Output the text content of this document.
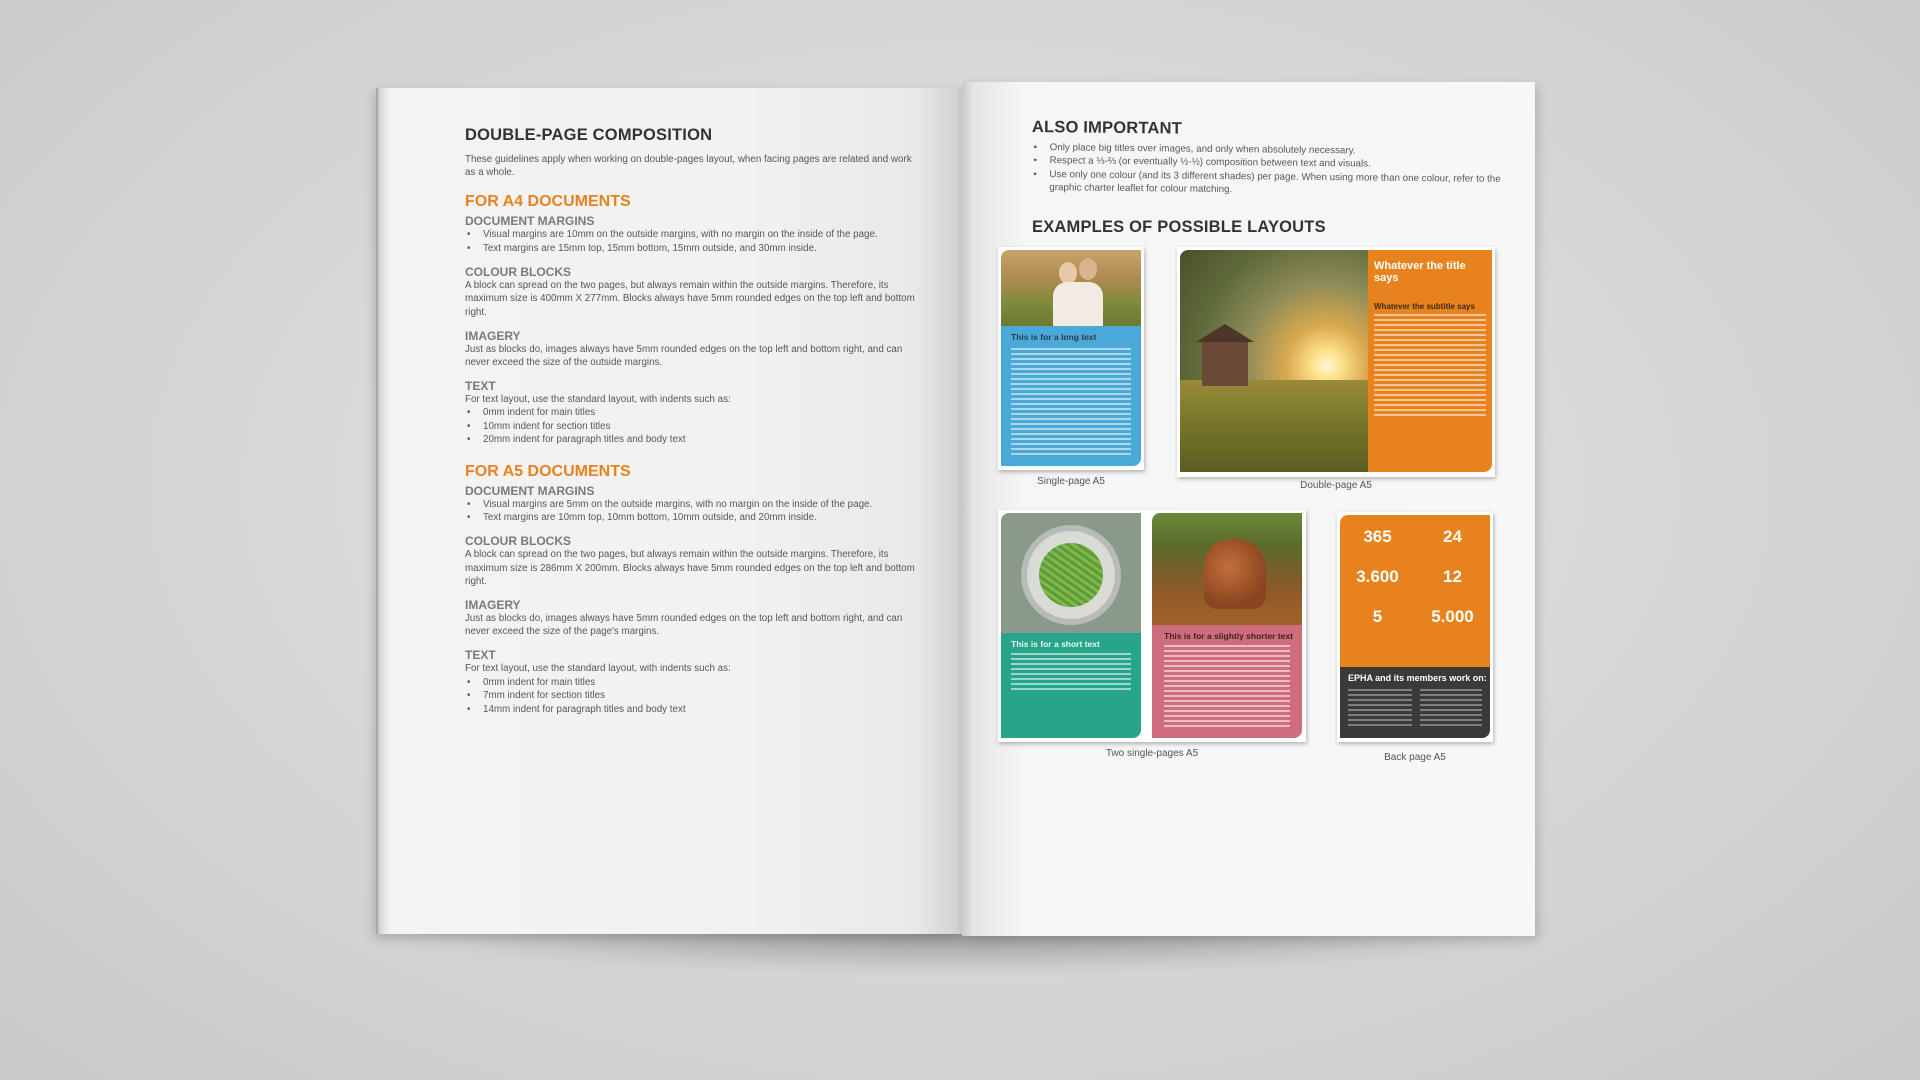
DOUBLE-PAGE COMPOSITION
These guidelines apply when working on double-pages layout, when facing pages are related and work as a whole.
FOR A4 DOCUMENTS
DOCUMENT MARGINS
• Visual margins are 10mm on the outside margins, with no margin on the inside of the page.
• Text margins are 15mm top, 15mm bottom, 15mm outside, and 30mm inside.
COLOUR BLOCKS
A block can spread on the two pages, but always remain within the outside margins. Therefore, its maximum size is 400mm X 277mm. Blocks always have 5mm rounded edges on the top left and bottom right.
IMAGERY
Just as blocks do, images always have 5mm rounded edges on the top left and bottom right, and can never exceed the size of the outside margins.
TEXT
For text layout, use the standard layout, with indents such as:
• 0mm indent for main titles
• 10mm indent for section titles
• 20mm indent for paragraph titles and body text
FOR A5 DOCUMENTS
DOCUMENT MARGINS
• Visual margins are 5mm on the outside margins, with no margin on the inside of the page.
• Text margins are 10mm top, 10mm bottom, 10mm outside, and 20mm inside.
COLOUR BLOCKS
A block can spread on the two pages, but always remain within the outside margins. Therefore, its maximum size is 286mm X 200mm. Blocks always have 5mm rounded edges on the top left and bottom right.
IMAGERY
Just as blocks do, images always have 5mm rounded edges on the top left and bottom right, and can never exceed the size of the page's margins.
TEXT
For text layout, use the standard layout, with indents such as:
• 0mm indent for main titles
• 7mm indent for section titles
• 14mm indent for paragraph titles and body text
ALSO IMPORTANT
• Only place big titles over images, and only when absolutely necessary.
• Respect a ⅓-⅔ (or eventually ½-½) composition between text and visuals.
• Use only one colour (and its 3 different shades) per page. When using more than one colour, refer to the graphic charter leaflet for colour matching.
EXAMPLES OF POSSIBLE LAYOUTS
This is for a long text
Single-page A5
Whatever the title says
Whatever the subtitle says
Double-page A5
This is for a short text
This is for a slightly shorter text
Two single-pages A5
365	24
3.600	12
5	5.000
EPHA and its members work on:
Back page A5
